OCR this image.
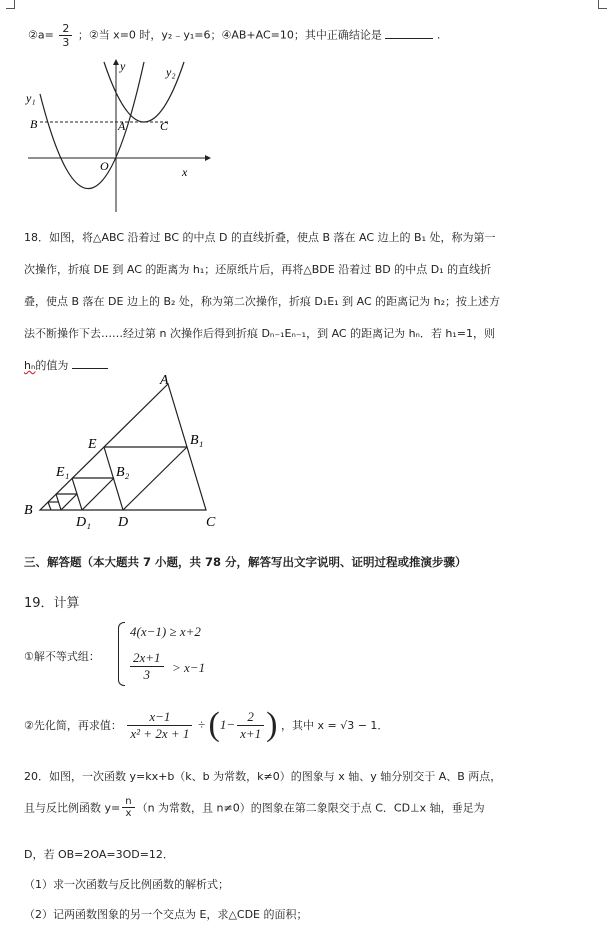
②a= $\frac{2}{3}$ ；②当 x=0 时，y₂﹣y₁=6；④AB+AC=10；其中正确结论是	.
y₁
y₂
y
x
B	A	C
O
18．如图，将△ABC 沿着过 BC 的中点 D 的直线折叠，使点 B 落在 AC 边上的 B₁ 处，称为第一
次操作，折痕 DE 到 AC 的距离为 h₁；还原纸片后，再将△BDE 沿着过 BD 的中点 D₁ 的直线折
叠，使点 B 落在 DE 边上的 B₂ 处，称为第二次操作，折痕 D₁E₁ 到 AC 的距离记为 h₂；按上述方
法不断操作下去……经过第 n 次操作后得到折痕 Dₙ₋₁Eₙ₋₁，到 AC 的距离记为 hₙ．若 h₁=1，则
hₙ的值为
A
E	B₁
E₁	B₂
B
D₁ D	C
三、解答题（本大题共 7 小题，共 78 分，解答写出文字说明、证明过程或推演步骤）
19．计算
①解不等式组：
4(x−1) ≥ x+2
$\frac{2x+1}{3} > x-1$
②先化简，再求值： $\frac{x-1}{\text{x² + 2x + 1}} \div (1- \frac{2}{x+1}$ ) ，其中 x = √3 − 1．
20．如图，一次函数 y=kx+b（k、b 为常数，k≠0）的图象与 x 轴、y 轴分别交于 A、B 两点，
且与反比例函数 $y= \frac{n}{x} (n$ 为常数，且 n≠0）的图象在第二象限交于点 C．CD⊥x 轴，垂足为
D，若 OB=2OA=3OD=12．
（1）求一次函数与反比例函数的解析式；
（2）记两函数图象的另一个交点为 E，求△CDE 的面积；
